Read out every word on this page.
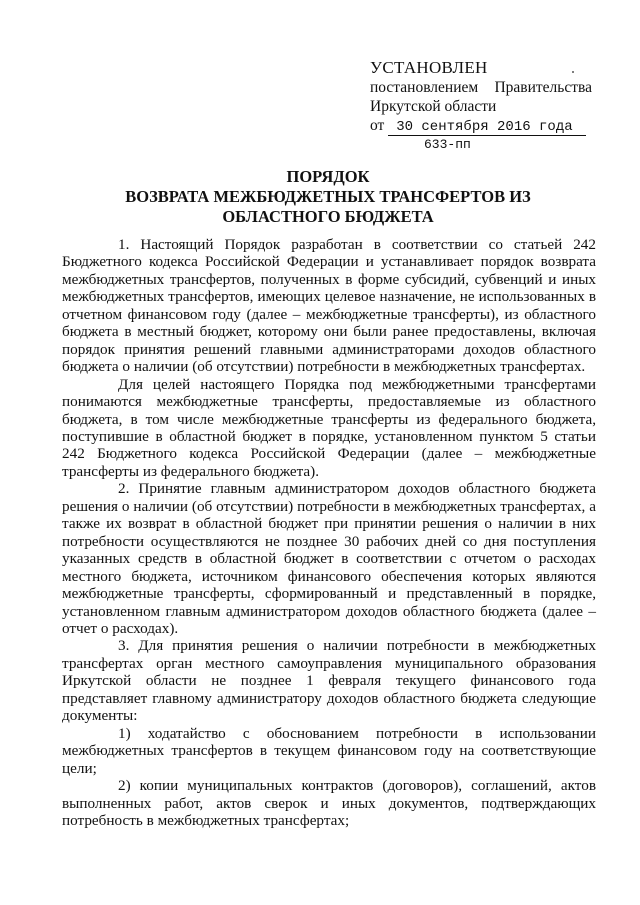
УСТАНОВЛЕН
постановлением Правительства
Иркутской области
от 30 сентября 2016 года
633-пп
ПОРЯДОК
ВОЗВРАТА МЕЖБЮДЖЕТНЫХ ТРАНСФЕРТОВ ИЗ
ОБЛАСТНОГО БЮДЖЕТА

1. Настоящий Порядок разработан в соответствии со статьей 242 Бюджетного кодекса Российской Федерации и устанавливает порядок возврата межбюджетных трансфертов, полученных в форме субсидий, субвенций и иных межбюджетных трансфертов, имеющих целевое назначение, не использованных в отчетном финансовом году (далее – межбюджетные трансферты), из областного бюджета в местный бюджет, которому они были ранее предоставлены, включая порядок принятия решений главными администраторами доходов областного бюджета о наличии (об отсутствии) потребности в межбюджетных трансфертах.

Для целей настоящего Порядка под межбюджетными трансфертами понимаются межбюджетные трансферты, предоставляемые из областного бюджета, в том числе межбюджетные трансферты из федерального бюджета, поступившие в областной бюджет в порядке, установленном пунктом 5 статьи 242 Бюджетного кодекса Российской Федерации (далее – межбюджетные трансферты из федерального бюджета).

2. Принятие главным администратором доходов областного бюджета решения о наличии (об отсутствии) потребности в межбюджетных трансфертах, а также их возврат в областной бюджет при принятии решения о наличии в них потребности осуществляются не позднее 30 рабочих дней со дня поступления указанных средств в областной бюджет в соответствии с отчетом о расходах местного бюджета, источником финансового обеспечения которых являются межбюджетные трансферты, сформированный и представленный в порядке, установленном главным администратором доходов областного бюджета (далее – отчет о расходах).

3. Для принятия решения о наличии потребности в межбюджетных трансфертах орган местного самоуправления муниципального образования Иркутской области не позднее 1 февраля текущего финансового года представляет главному администратору доходов областного бюджета следующие документы:

1) ходатайство с обоснованием потребности в использовании межбюджетных трансфертов в текущем финансовом году на соответствующие цели;

2) копии муниципальных контрактов (договоров), соглашений, актов выполненных работ, актов сверок и иных документов, подтверждающих потребность в межбюджетных трансфертах;
